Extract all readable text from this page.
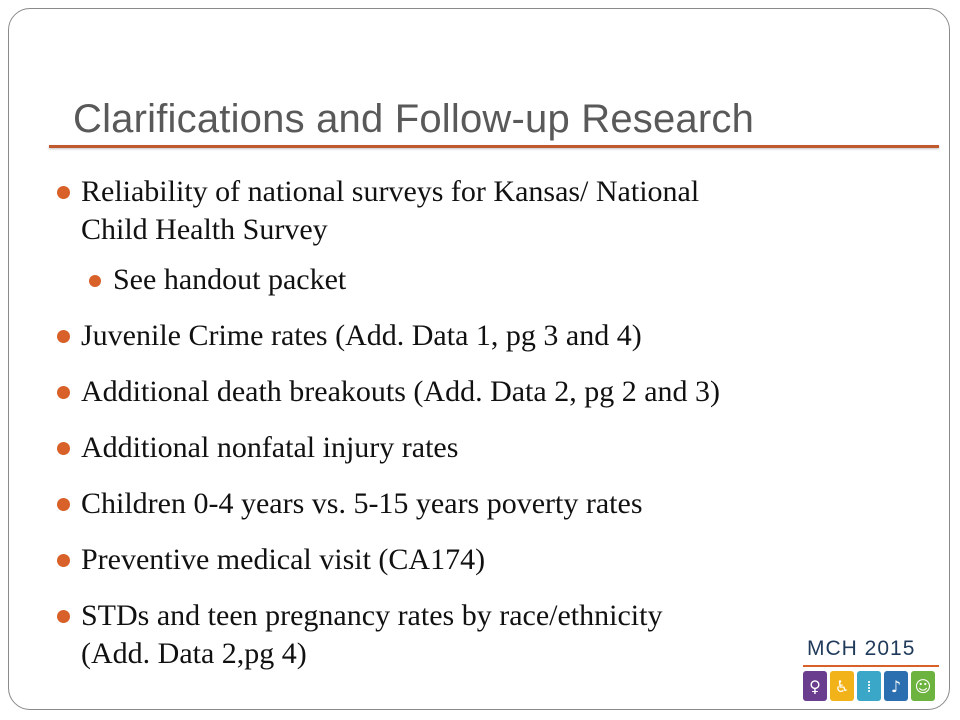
Clarifications and Follow-up Research
Reliability of national surveys for Kansas/ National
Child Health Survey
See handout packet
Juvenile Crime rates (Add. Data 1, pg 3 and 4)
Additional death breakouts (Add. Data 2, pg 2 and 3)
Additional nonfatal injury rates
Children 0-4 years vs. 5-15 years poverty rates
Preventive medical visit (CA174)
STDs and teen pregnancy rates by race/ethnicity
(Add. Data 2,pg 4)	MCH 2015
♀ ♿	⁞	♪ ☺
